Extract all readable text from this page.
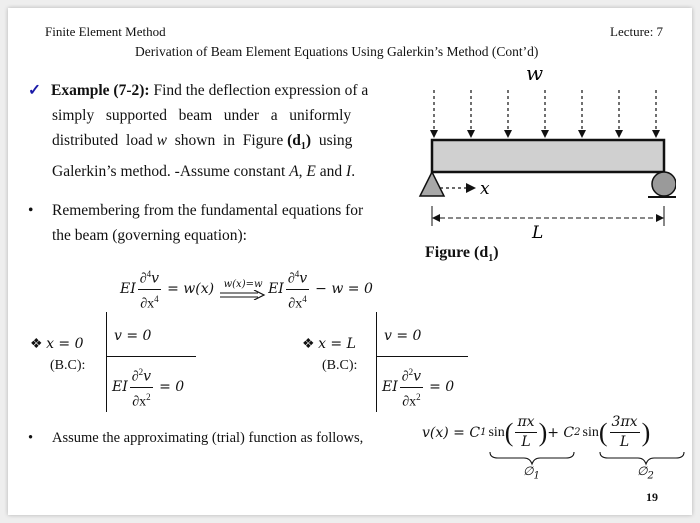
Finite Element Method	Lecture: 7
Derivation of Beam Element Equations Using Galerkin’s Method (Cont’d)
✓ Example (7-2): Find the deflection expression of a
simply   supported   beam   under   a   uniformly
distributed  load w  shown  in  Figure $(d_1)$  using
Galerkin’s method. -Assume constant A, E and I.
• Remembering from the fundamental equations for
the beam (governing equation):
w
x
L
Figure $(d_1)$
EI $\frac{\partial^4v}{\partial x^4} = w(x)$ w(x)=w EI $\frac{\partial^4v}{\partial x^4} - w = 0$
❖ x = 0
(B.C):
v = 0
EI $\frac{\partial^2v}{\partial x^2} = 0$
❖ x = L
(B.C):
v = 0
EI $\frac{\partial^2v}{\partial x^2} = 0$
• Assume the approximating (trial) function as follows,	v(x) = C 1 sin ( $\frac{\pi x}{L}$ ) + C 2 sin ( $\frac{3\pi x}{L}$ )
$\emptyset_1$	$\emptyset_2$
19
